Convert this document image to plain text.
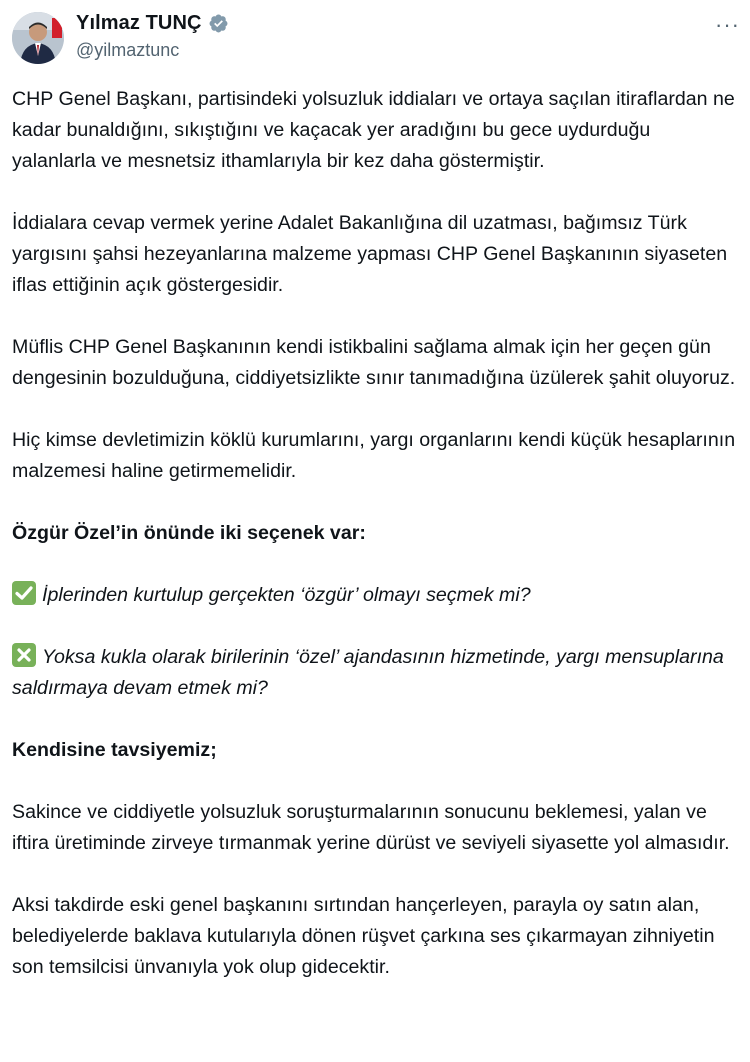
Yılmaz TUNÇ
@yilmaztunc
···

CHP Genel Başkanı, partisindeki yolsuzluk iddiaları ve ortaya saçılan itiraflardan ne kadar bunaldığını, sıkıştığını ve kaçacak yer aradığını bu gece uydurduğu yalanlarla ve mesnetsiz ithamlarıyla bir kez daha göstermiştir.

İddialara cevap vermek yerine Adalet Bakanlığına dil uzatması, bağımsız Türk yargısını şahsi hezeyanlarına malzeme yapması CHP Genel Başkanının siyaseten iflas ettiğinin açık göstergesidir.

Müflis CHP Genel Başkanının kendi istikbalini sağlama almak için her geçen gün dengesinin bozulduğuna, ciddiyetsizlikte sınır tanımadığına üzülerek şahit oluyoruz.

Hiç kimse devletimizin köklü kurumlarını, yargı organlarını kendi küçük hesaplarının malzemesi haline getirmemelidir.

Özgür Özel’in önünde iki seçenek var:

İplerinden kurtulup gerçekten ‘özgür’ olmayı seçmek mi?

Yoksa kukla olarak birilerinin ‘özel’ ajandasının hizmetinde, yargı mensuplarına saldırmaya devam etmek mi?

Kendisine tavsiyemiz;

Sakince ve ciddiyetle yolsuzluk soruşturmalarının sonucunu beklemesi, yalan ve iftira üretiminde zirveye tırmanmak yerine dürüst ve seviyeli siyasette yol almasıdır.

Aksi takdirde eski genel başkanını sırtından hançerleyen, parayla oy satın alan, belediyelerde baklava kutularıyla dönen rüşvet çarkına ses çıkarmayan zihniyetin son temsilcisi ünvanıyla yok olup gidecektir.
